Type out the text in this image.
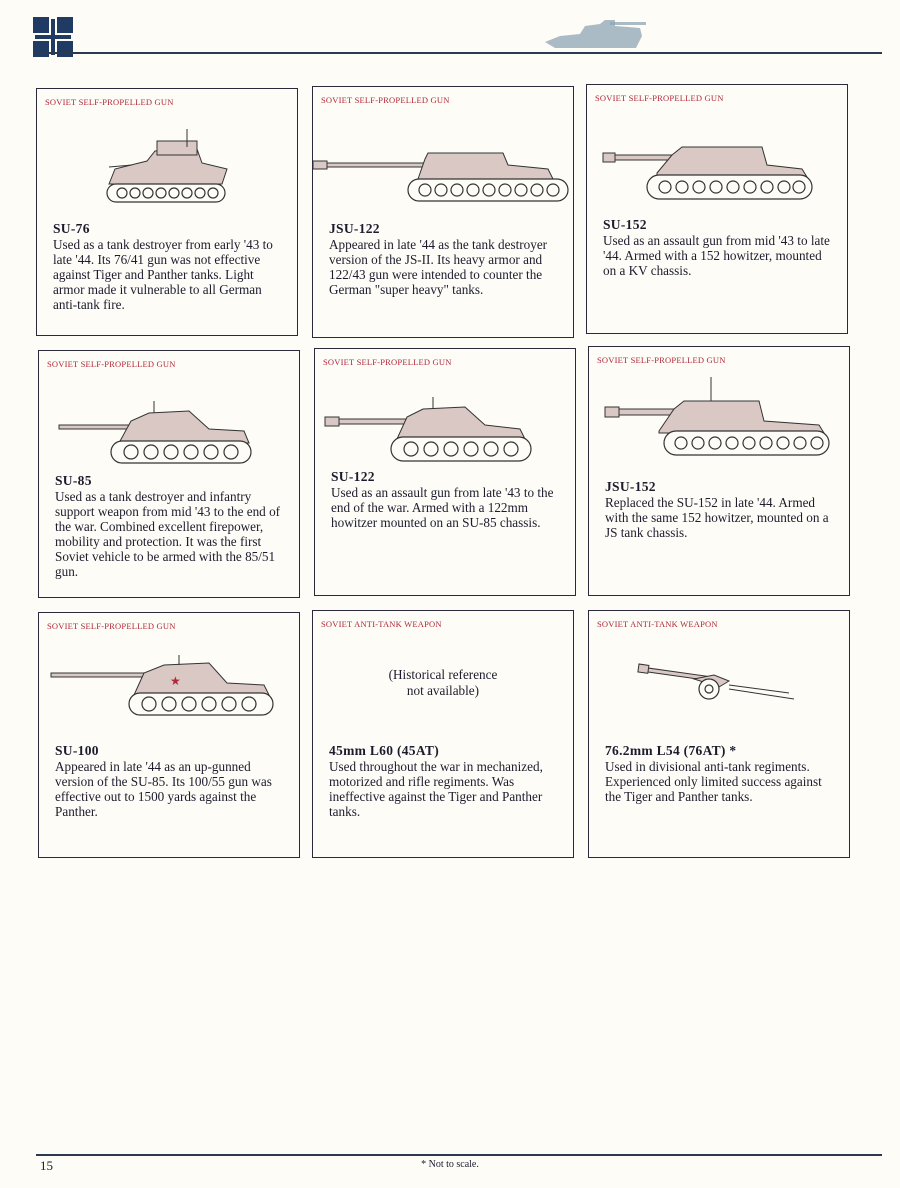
SOVIET SELF-PROPELLED GUN
SU-76
Used as a tank destroyer from early '43 to late '44. Its 76/41 gun was not effective against Tiger and Panther tanks. Light armor made it vulnerable to all German anti-tank fire.
SOVIET SELF-PROPELLED GUN
JSU-122
Appeared in late '44 as the tank destroyer version of the JS-II. Its heavy armor and 122/43 gun were intended to counter the German "super heavy" tanks.
SOVIET SELF-PROPELLED GUN
SU-152
Used as an assault gun from mid '43 to late '44. Armed with a 152 howitzer, mounted on a KV chassis.
SOVIET SELF-PROPELLED GUN
SU-85
Used as a tank destroyer and infantry support weapon from mid '43 to the end of the war. Combined excellent firepower, mobility and protection. It was the first Soviet vehicle to be armed with the 85/51 gun.
SOVIET SELF-PROPELLED GUN
SU-122
Used as an assault gun from late '43 to the end of the war. Armed with a 122mm howitzer mounted on an SU-85 chassis.
SOVIET SELF-PROPELLED GUN
JSU-152
Replaced the SU-152 in late '44. Armed with the same 152 howitzer, mounted on a JS tank chassis.
SOVIET SELF-PROPELLED GUN
★
SU-100
Appeared in late '44 as an up-gunned version of the SU-85. Its 100/55 gun was effective out to 1500 yards against the Panther.
SOVIET ANTI-TANK WEAPON
(Historical reference not available)
45mm L60 (45AT)
Used throughout the war in mechanized, motorized and rifle regiments. Was ineffective against the Tiger and Panther tanks.
SOVIET ANTI-TANK WEAPON
76.2mm L54 (76AT) *
Used in divisional anti-tank regiments. Experienced only limited success against the Tiger and Panther tanks.
15	* Not to scale.
